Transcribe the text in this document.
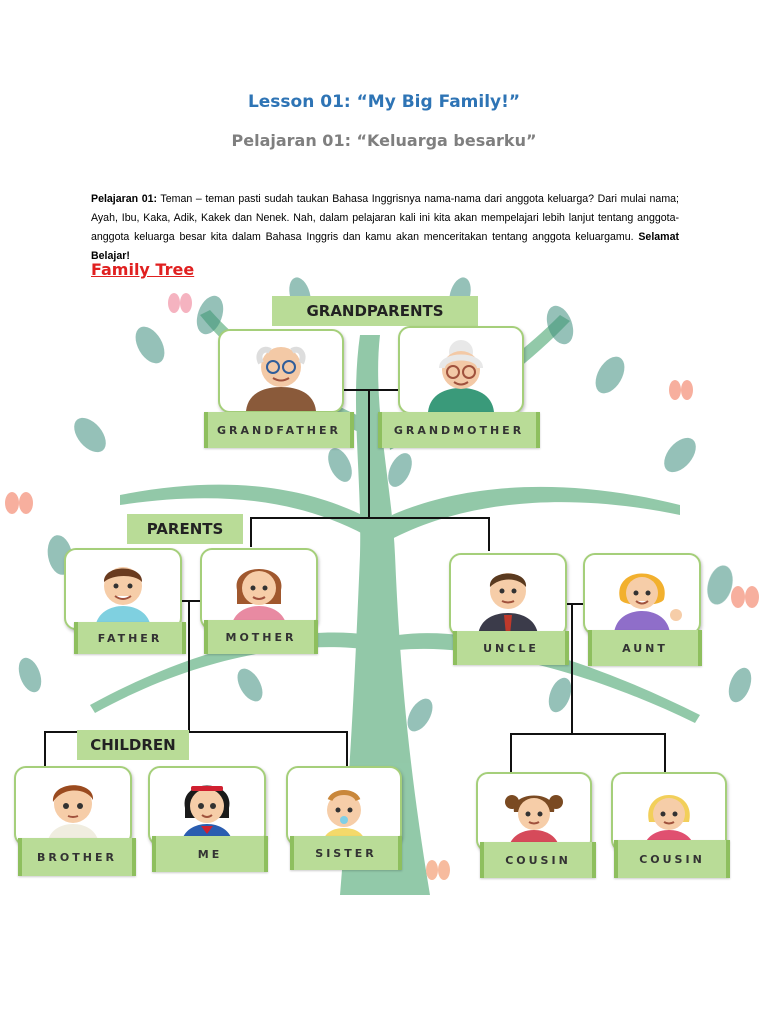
Lesson 01: “My Big Family!”
Pelajaran 01: “Keluarga besarku”

Pelajaran 01: Teman – teman pasti sudah taukan Bahasa Inggrisnya nama-nama dari anggota keluarga? Dari mulai nama; Ayah, Ibu, Kaka, Adik, Kakek dan Nenek. Nah, dalam pelajaran kali ini kita akan mempelajari lebih lanjut tentang anggota-anggota keluarga besar kita dalam Bahasa Inggris dan kamu akan menceritakan tentang anggota keluargamu. Selamat Belajar!

Family Tree
GRANDPARENTS
PARENTS
CHILDREN
GRANDFATHER	GRANDMOTHER
FATHER	MOTHER
UNCLE	AUNT
BROTHER	ME	SISTER
COUSIN	COUSIN
